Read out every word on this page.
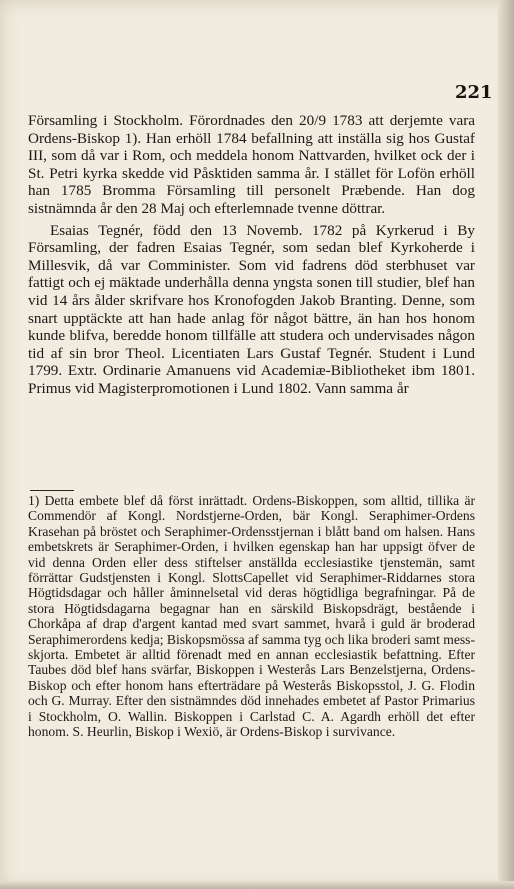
221

Församling i Stockholm. Förordnades den 20/9 1783 att derjemte vara Ordens-Biskop 1). Han erhöll 1784 befallning att inställa sig hos Gustaf III, som då var i Rom, och meddela honom Nattvarden, hvilket ock der i St. Petri kyrka skedde vid Påsktiden samma år. I stället för Lofön erhöll han 1785 Bromma Församling till personelt Præbende. Han dog sistnämnda år den 28 Maj och efterlemnade tvenne döttrar.

Esaias Tegnér, född den 13 Novemb. 1782 på Kyrkerud i By Församling, der fadren Esaias Tegnér, som sedan blef Kyrkoherde i Millesvik, då var Comminister. Som vid fadrens död sterbhuset var fattigt och ej mäktade underhålla denna yngsta sonen till studier, blef han vid 14 års ålder skrifvare hos Kronofogden Jakob Branting. Denne, som snart upptäckte att han hade anlag för något bättre, än han hos honom kunde blifva, beredde honom tillfälle att studera och undervisades någon tid af sin bror Theol. Licentiaten Lars Gustaf Tegnér. Student i Lund 1799. Extr. Ordinarie Amanuens vid Academiæ-Bibliotheket ibm 1801. Primus vid Magisterpromotionen i Lund 1802. Vann samma år

1) Detta embete blef då först inrättadt. Ordens-Biskoppen, som alltid, tillika är Commendör af Kongl. Nordstjerne-Orden, bär Kongl. Seraphimer-Ordens Krasehan på bröstet och Seraphimer-Ordensstjernan i blått band om halsen. Hans embetskrets är Seraphimer-Orden, i hvilken egenskap han har uppsigt öfver de vid denna Orden eller dess stiftelser anställda ecclesiastike tjenstemän, samt förrättar Gudstjensten i Kongl. SlottsCapellet vid Seraphimer-Riddarnes stora Högtidsdagar och håller åminnelsetal vid deras högtidliga begrafningar. På de stora Högtidsdagarna begagnar han en särskild Biskopsdrägt, bestående i Chorkåpa af drap d'argent kantad med svart sammet, hvarå i guld är broderad Seraphimerordens kedja; Biskopsmössa af samma tyg och lika broderi samt mess-skjorta. Embetet är alltid förenadt med en annan ecclesiastik befattning. Efter Taubes död blef hans svärfar, Biskoppen i Westerås Lars Benzelstjerna, Ordens-Biskop och efter honom hans efterträdare på Westerås Biskopsstol, J. G. Flodin och G. Murray. Efter den sistnämndes död innehades embetet af Pastor Primarius i Stockholm, O. Wallin. Biskoppen i Carlstad C. A. Agardh erhöll det efter honom. S. Heurlin, Biskop i Wexiö, är Ordens-Biskop i survivance.
